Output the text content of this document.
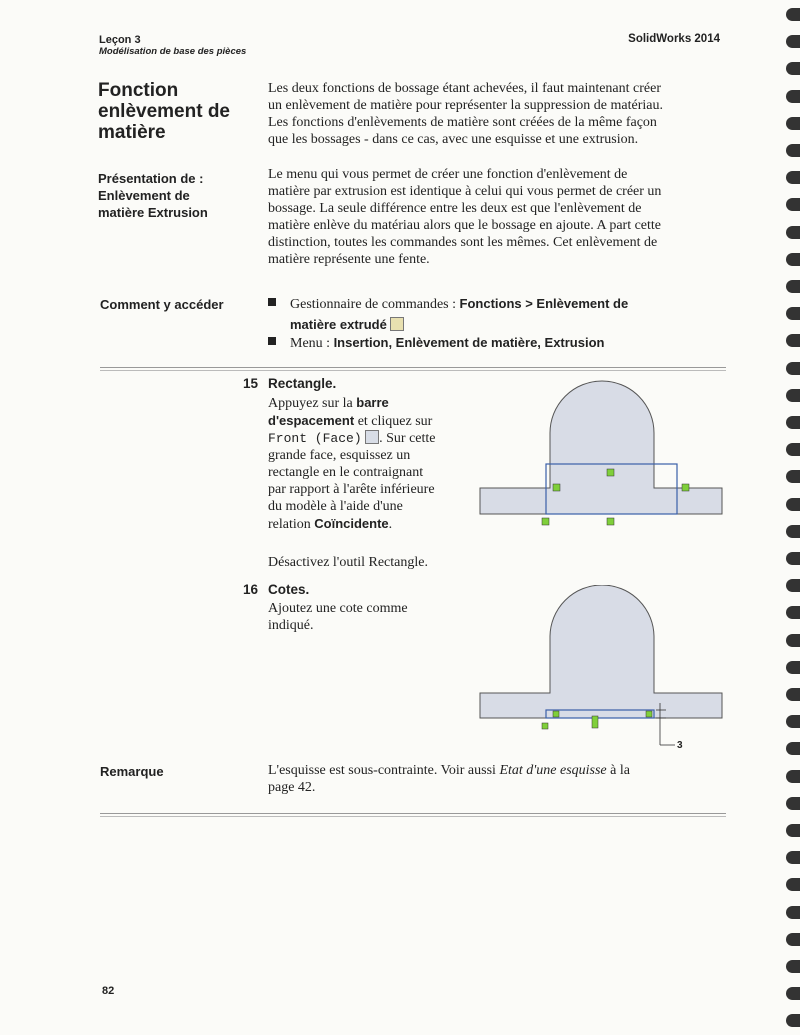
Leçon 3
Modélisation de base des pièces
SolidWorks 2014
Fonction
enlèvement de
matière
Les deux fonctions de bossage étant achevées, il faut maintenant créer
un enlèvement de matière pour représenter la suppression de matériau.
Les fonctions d'enlèvements de matière sont créées de la même façon
que les bossages - dans ce cas, avec une esquisse et une extrusion.
Présentation de :
Enlèvement de
matière Extrusion
Le menu qui vous permet de créer une fonction d'enlèvement de
matière par extrusion est identique à celui qui vous permet de créer un
bossage. La seule différence entre les deux est que l'enlèvement de
matière enlève du matériau alors que le bossage en ajoute. A part cette
distinction, toutes les commandes sont les mêmes. Cet enlèvement de
matière représente une fente.
Comment y accéder	Gestionnaire de commandes : Fonctions > Enlèvement de
matière extrudé
Menu : Insertion, Enlèvement de matière, Extrusion
15 Rectangle.
Appuyez sur la barre
d'espacement et cliquez sur
Front (Face) . Sur cette
grande face, esquissez un
rectangle en le contraignant
par rapport à l'arête inférieure
du modèle à l'aide d'une
relation Coïncidente.
Désactivez l'outil Rectangle.
16 Cotes.
Ajoutez une cote comme
indiqué.
3
Remarque	L'esquisse est sous-contrainte. Voir aussi Etat d'une esquisse à la
page 42.
82
